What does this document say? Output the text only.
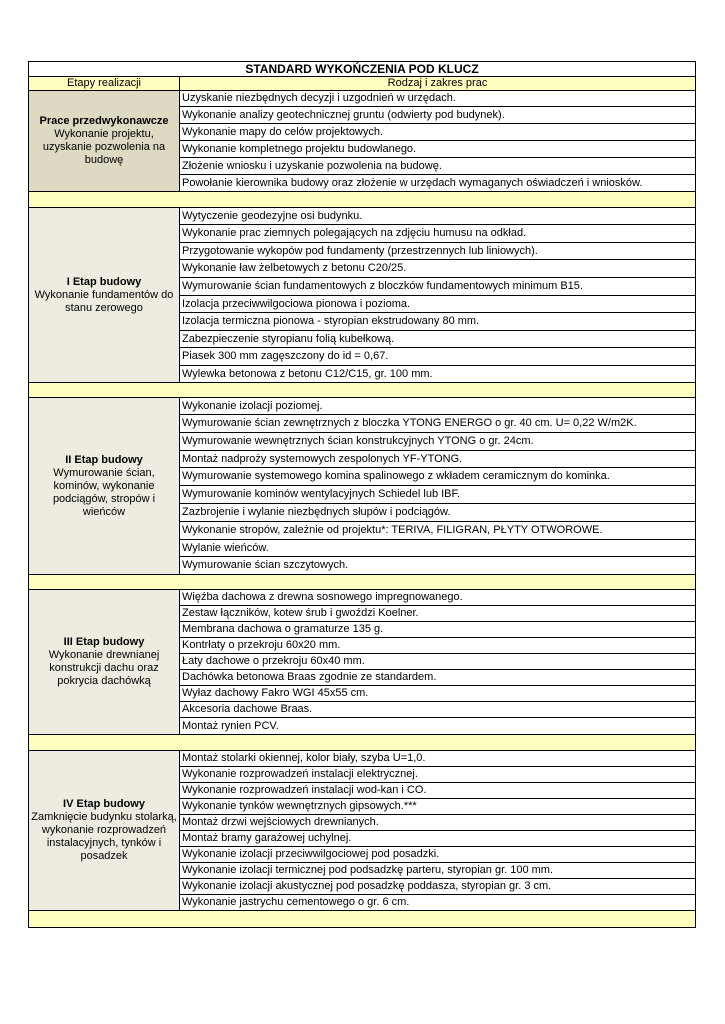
STANDARD WYKOŃCZENIA POD KLUCZ	
Etapy realizacji	Rodzaj i zakres prac

Prace przedwykonawcze
Wykonanie projektu, uzyskanie pozwolenia na budowę	Uzyskanie niezbędnych decyzji i uzgodnień w urzędach.
	Wykonanie analizy geotechnicznej gruntu (odwierty pod budynek).
	Wykonanie mapy do celów projektowych.
	Wykonanie kompletnego projektu budowlanego.
	Złożenie wniosku i uzyskanie pozwolenia na budowę.
	Powołanie kierownika budowy oraz złożenie w urzędach wymaganych oświadczeń i wniosków.

I Etap budowy
Wykonanie fundamentów do stanu zerowego	Wytyczenie geodezyjne osi budynku.
	Wykonanie prac ziemnych polegających na zdjęciu humusu na odkład.
	Przygotowanie wykopów pod fundamenty (przestrzennych lub liniowych).
	Wykonanie ław żelbetowych z betonu C20/25.
	Wymurowanie ścian fundamentowych z bloczków fundamentowych minimum B15.
	Izolacja przeciwwilgociowa pionowa i pozioma.
	Izolacja termiczna pionowa - styropian ekstrudowany 80 mm.
	Zabezpieczenie styropianu folią kubełkową.
	Piasek 300 mm zagęszczony do id = 0,67.
	Wylewka betonowa z betonu C12/C15, gr. 100 mm.

II Etap budowy
Wymurowanie ścian, kominów, wykonanie podciągów, stropów i wieńców	Wykonanie izolacji poziomej.
	Wymurowanie ścian zewnętrznych z bloczka YTONG ENERGO o gr. 40 cm. U= 0,22 W/m2K.
	Wymurowanie wewnętrznych ścian konstrukcyjnych YTONG o gr. 24cm.
	Montaż nadproży systemowych zespolonych YF-YTONG.
	Wymurowanie systemowego komina spalinowego z wkładem ceramicznym do kominka.
	Wymurowanie kominów wentylacyjnych Schiedel lub IBF.
	Zazbrojenie i wylanie niezbędnych słupów i podciągów.
	Wykonanie stropów, zależnie od projektu*: TERIVA, FILIGRAN, PŁYTY OTWOROWE.
	Wylanie wieńców.
	Wymurowanie ścian szczytowych.

III Etap budowy
Wykonanie drewnianej konstrukcji dachu oraz pokrycia dachówką	Więźba dachowa z drewna sosnowego impregnowanego.
	Zestaw łączników, kotew śrub i gwoździ Koelner.
	Membrana dachowa o gramaturze 135 g.
	Kontrłaty o przekroju 60x20 mm.
	Łaty dachowe o przekroju 60x40 mm.
	Dachówka betonowa Braas zgodnie ze standardem.
	Wyłaz dachowy Fakro WGI 45x55 cm.
	Akcesoria dachowe Braas.
	Montaż rynien PCV.

IV Etap budowy
Zamknięcie budynku stolarką, wykonanie rozprowadzeń instalacyjnych, tynków i posadzek	Montaż stolarki okiennej, kolor biały, szyba U=1,0.
	Wykonanie rozprowadzeń instalacji elektrycznej.
	Wykonanie rozprowadzeń instalacji wod-kan i CO.
	Wykonanie tynków wewnętrznych gipsowych.***
	Montaż drzwi wejściowych drewnianych.
	Montaż bramy garażowej uchylnej.
	Wykonanie izolacji przeciwwilgociowej pod posadzki.
	Wykonanie izolacji termicznej pod podsadzkę parteru, styropian gr. 100 mm.
	Wykonanie izolacji akustycznej pod posadzkę poddasza, styropian gr. 3 cm.
	Wykonanie jastrychu cementowego o gr. 6 cm.
